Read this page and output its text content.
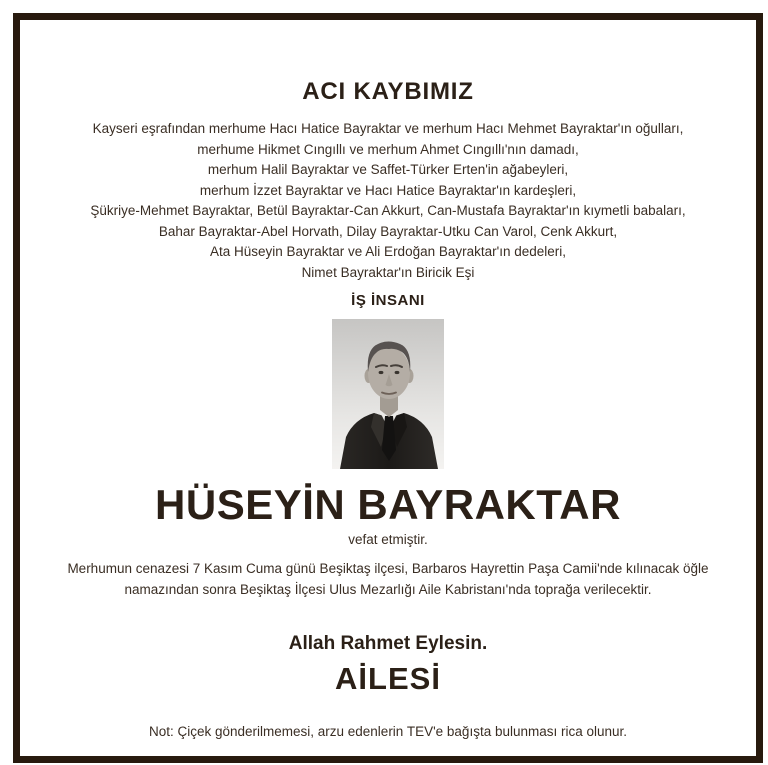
ACI KAYBIMIZ
Kayseri eşrafından merhume Hacı Hatice Bayraktar ve merhum Hacı Mehmet Bayraktar'ın oğulları,
merhume Hikmet Cıngıllı ve merhum Ahmet Cıngıllı'nın damadı,
merhum Halil Bayraktar ve Saffet-Türker Erten'in ağabeyleri,
merhum İzzet Bayraktar ve Hacı Hatice Bayraktar'ın kardeşleri,
Şükriye-Mehmet Bayraktar, Betül Bayraktar-Can Akkurt, Can-Mustafa Bayraktar'ın kıymetli babaları,
Bahar Bayraktar-Abel Horvath, Dilay Bayraktar-Utku Can Varol, Cenk Akkurt,
Ata Hüseyin Bayraktar ve Ali Erdoğan Bayraktar'ın dedeleri,
Nimet Bayraktar'ın Biricik Eşi
İŞ İNSANI
HÜSEYİN BAYRAKTAR
vefat etmiştir.
Merhumun cenazesi 7 Kasım Cuma günü Beşiktaş ilçesi, Barbaros Hayrettin Paşa Camii'nde kılınacak öğle
namazından sonra Beşiktaş İlçesi Ulus Mezarlığı Aile Kabristanı'nda toprağa verilecektir.
Allah Rahmet Eylesin.
AİLESİ
Not: Çiçek gönderilmemesi, arzu edenlerin TEV'e bağışta bulunması rica olunur.
